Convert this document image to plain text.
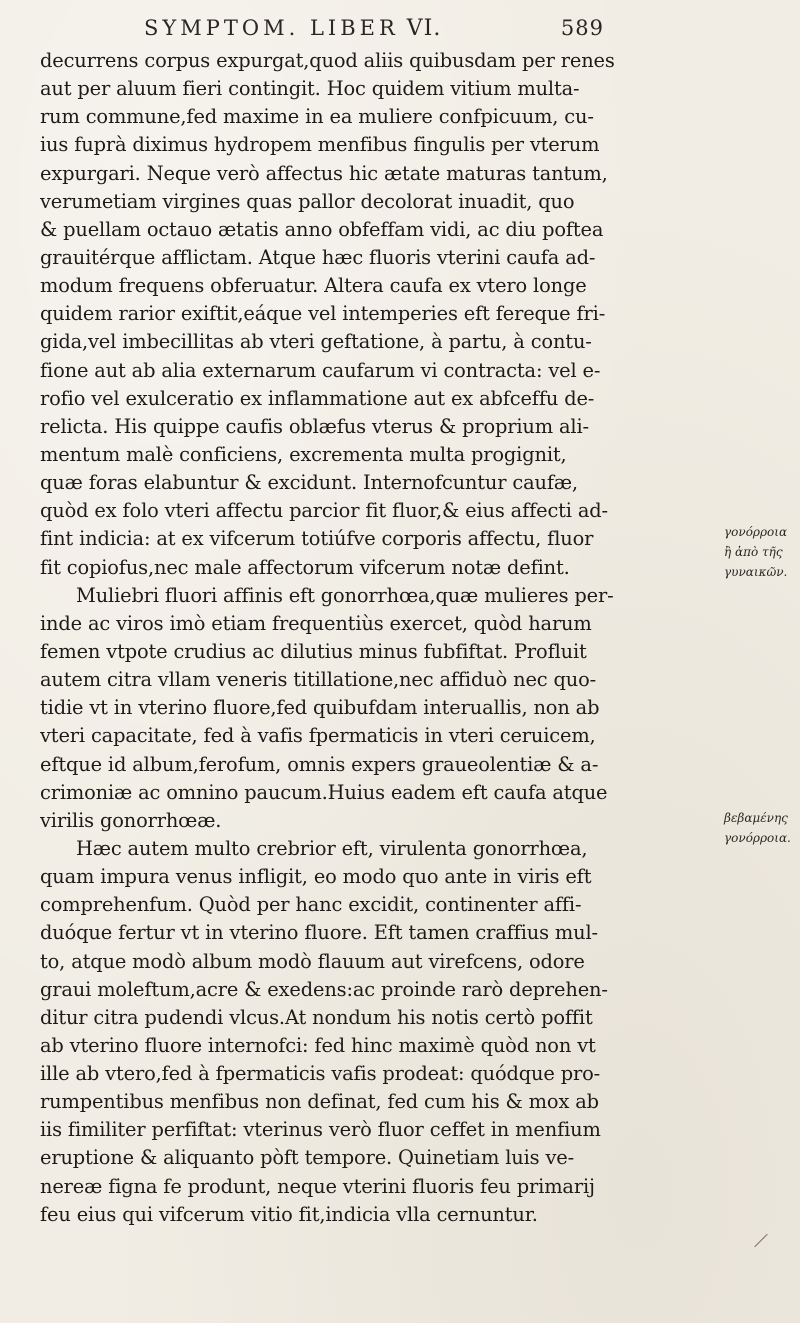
SYMPTOM. LIBER VI.	589
decurrens corpus expurgat,quod aliis quibusdam per renes
aut per aluum fieri contingit. Hoc quidem vitium multa-
rum commune,fed maxime in ea muliere confpicuum, cu-
ius fuprà diximus hydropem menfibus fingulis per vterum
expurgari. Neque verò affectus hic ætate maturas tantum,
verumetiam virgines quas pallor decolorat inuadit, quo
& puellam octauo ætatis anno obfeffam vidi, ac diu poftea
grauitérque afflictam. Atque hæc fluoris vterini caufa ad-
modum frequens obferuatur. Altera caufa ex vtero longe
quidem rarior exiftit,eáque vel intemperies eft fereque fri-
gida,vel imbecillitas ab vteri geftatione, à partu, à contu-
fione aut ab alia externarum caufarum vi contracta: vel e-
rofio vel exulceratio ex inflammatione aut ex abfceffu de-
relicta. His quippe caufis oblæfus vterus & proprium ali-
mentum malè conficiens, excrementa multa progignit,
quæ foras elabuntur & excidunt. Internofcuntur caufæ,
quòd ex folo vteri affectu parcior fit fluor,& eius affecti ad-
fint indicia: at ex vifcerum totiúfve corporis affectu, fluor
fit copiofus,nec male affectorum vifcerum notæ defint.
Muliebri fluori affinis eft gonorrhœa,quæ mulieres per-
inde ac viros imò etiam frequentiùs exercet, quòd harum
femen vtpote crudius ac dilutius minus fubfiftat. Profluit
autem citra vllam veneris titillatione,nec affiduò nec quo-
tidie vt in vterino fluore,fed quibufdam interuallis, non ab
vteri capacitate, fed à vafis fpermaticis in vteri ceruicem,
eftque id album,ferofum, omnis expers graueolentiæ & a-
crimoniæ ac omnino paucum.Huius eadem eft caufa atque
virilis gonorrhœæ.
Hæc autem multo crebrior eft, virulenta gonorrhœa,
quam impura venus infligit, eo modo quo ante in viris eft
comprehenfum. Quòd per hanc excidit, continenter affi-
duóque fertur vt in vterino fluore. Eft tamen craffius mul-
to, atque modò album modò flauum aut virefcens, odore
graui moleftum,acre & exedens:ac proinde rarò deprehen-
ditur citra pudendi vlcus.At nondum his notis certò poffit
ab vterino fluore internofci: fed hinc maximè quòd non vt
ille ab vtero,fed à fpermaticis vafis prodeat: quódque pro-
rumpentibus menfibus non definat, fed cum his & mox ab
iis fimiliter perfiftat: vterinus verò fluor ceffet in menfium
eruptione & aliquanto pòft tempore. Quinetiam luis ve-
nereæ figna fe produnt, neque vterini fluoris feu primarij
feu eius qui vifcerum vitio fit,indicia vlla cernuntur.
γονόρροια
ἢ ἀπὸ τῆς
γυναικῶν.
βεβαμένης
γονόρροια.
